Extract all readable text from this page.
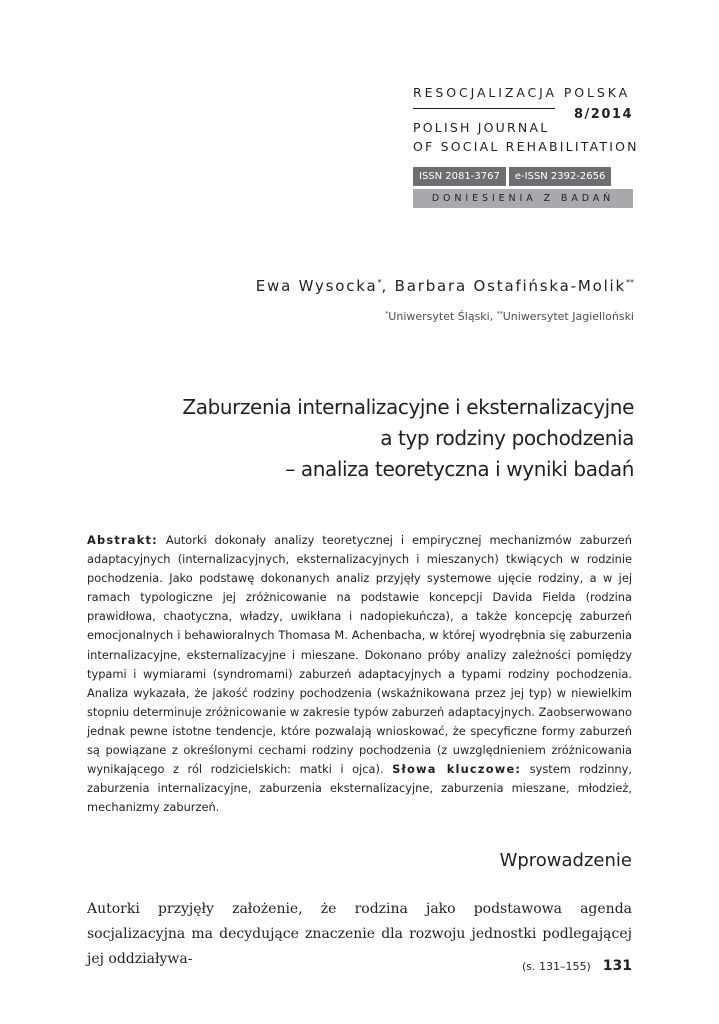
RESOCJALIZACJA POLSKA
8/2014
POLISH JOURNAL
OF SOCIAL REHABILITATION
ISSN 2081-3767	e-ISSN 2392-2656
DONIESIENIA Z BADAŃ
Ewa Wysocka*, Barbara Ostafińska-Molik**
*Uniwersytet Śląski, **Uniwersytet Jagielloński
Zaburzenia internalizacyjne i eksternalizacyjne
a typ rodziny pochodzenia
– analiza teoretyczna i wyniki badań
Abstrakt: Autorki dokonały analizy teoretycznej i empirycznej mechanizmów zaburzeń adaptacyjnych (internalizacyjnych, eksternalizacyjnych i mieszanych) tkwiących w rodzinie pochodzenia. Jako podstawę dokonanych analiz przyjęły systemowe ujęcie rodziny, a w jej ramach typologiczne jej zróżnicowanie na podstawie koncepcji Davida Fielda (rodzina prawidłowa, chaotyczna, władzy, uwikłana i nadopiekuńcza), a także koncepcję zaburzeń emocjonalnych i behawioralnych Thomasa M. Achenbacha, w której wyodrębnia się zaburzenia internalizacyjne, eksternalizacyjne i mieszane. Dokonano próby analizy zależności pomiędzy typami i wymiarami (syndromami) zaburzeń adaptacyjnych a typami rodziny pochodzenia. Analiza wykazała, że jakość rodziny pochodzenia (wskaźnikowana przez jej typ) w niewielkim stopniu determinuje zróżnicowanie w zakresie typów zaburzeń adaptacyjnych. Zaobserwowano jednak pewne istotne tendencje, które pozwalają wnioskować, że specyficzne formy zaburzeń są powiązane z określonymi cechami rodziny pochodzenia (z uwzględnieniem zróżnicowania wynikającego z ról rodzicielskich: matki i ojca). Słowa kluczowe: system rodzinny, zaburzenia internalizacyjne, zaburzenia eksternalizacyjne, zaburzenia mieszane, młodzież, mechanizmy zaburzeń.
Wprowadzenie
Autorki przyjęły założenie, że rodzina jako podstawowa agenda socjalizacyjna ma decydujące znaczenie dla rozwoju jednostki podlegającej jej oddziaływa-	(s. 131–155) 131
